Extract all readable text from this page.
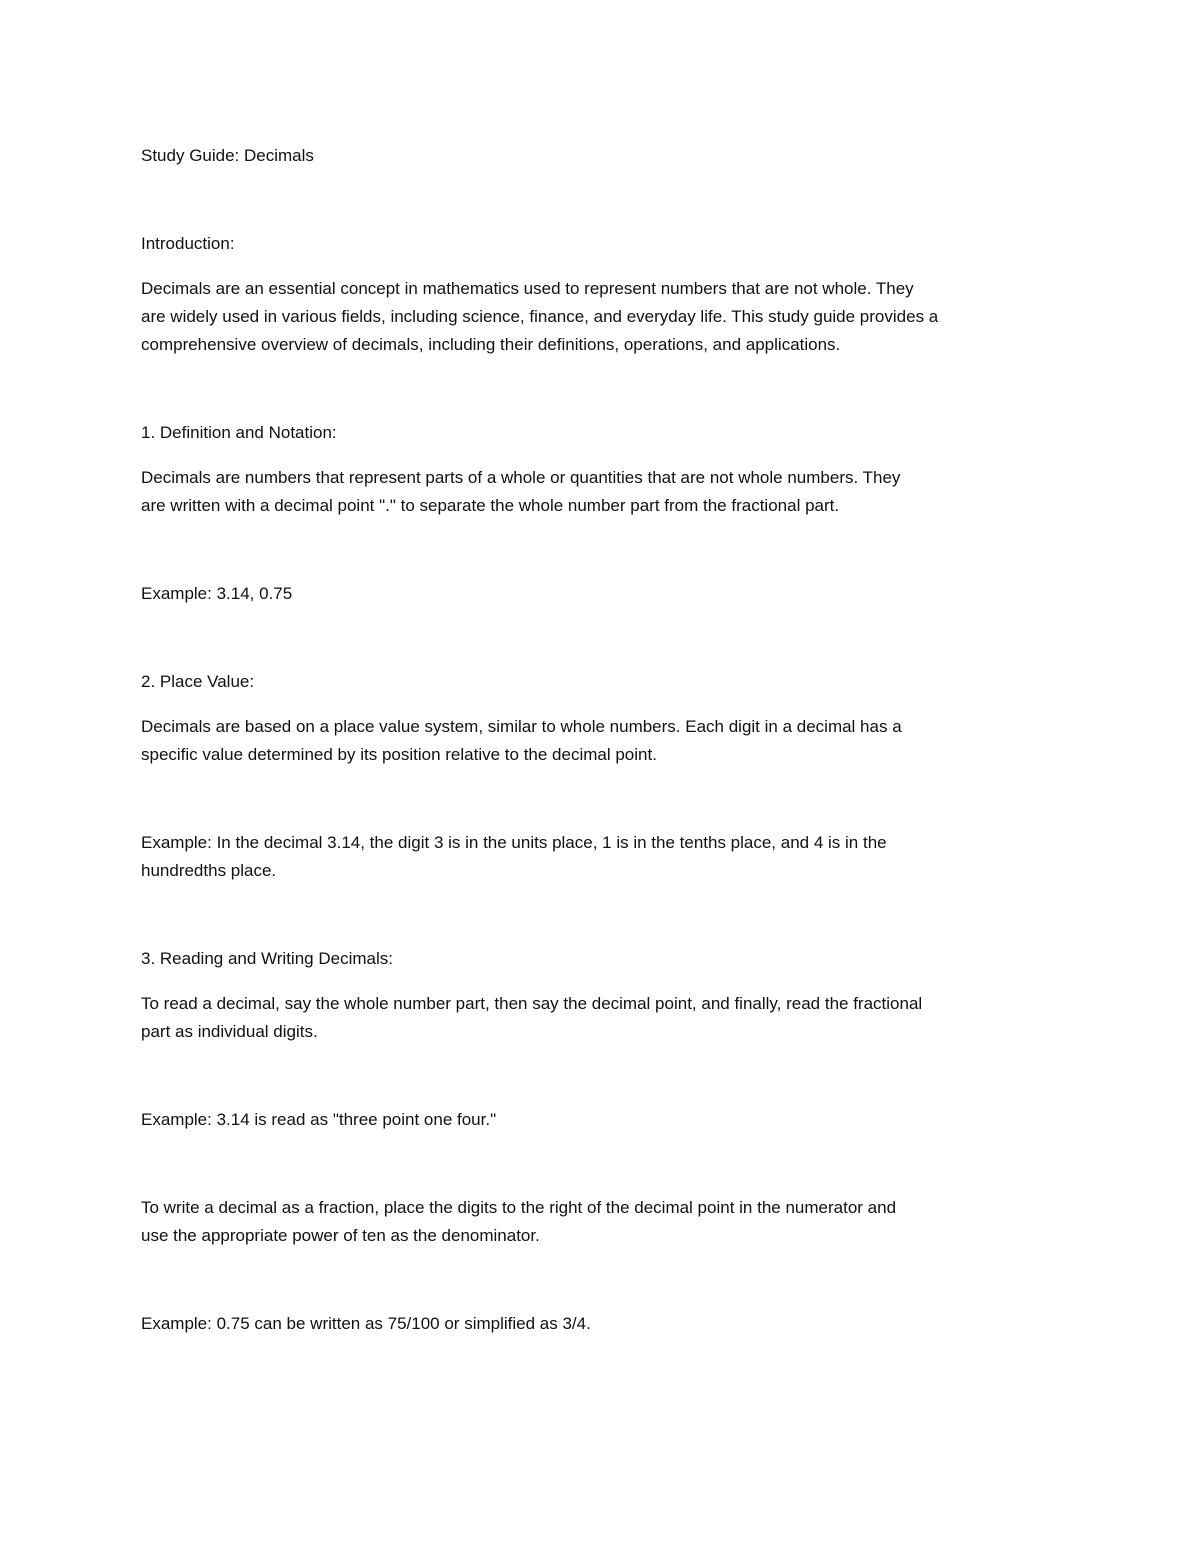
Study Guide: Decimals

Introduction:

Decimals are an essential concept in mathematics used to represent numbers that are not whole. They

are widely used in various fields, including science, finance, and everyday life. This study guide provides a

comprehensive overview of decimals, including their definitions, operations, and applications.

1. Definition and Notation:

Decimals are numbers that represent parts of a whole or quantities that are not whole numbers. They

are written with a decimal point "." to separate the whole number part from the fractional part.

Example: 3.14, 0.75

2. Place Value:

Decimals are based on a place value system, similar to whole numbers. Each digit in a decimal has a

specific value determined by its position relative to the decimal point.

Example: In the decimal 3.14, the digit 3 is in the units place, 1 is in the tenths place, and 4 is in the

hundredths place.

3. Reading and Writing Decimals:

To read a decimal, say the whole number part, then say the decimal point, and finally, read the fractional

part as individual digits.

Example: 3.14 is read as "three point one four."

To write a decimal as a fraction, place the digits to the right of the decimal point in the numerator and

use the appropriate power of ten as the denominator.

Example: 0.75 can be written as 75/100 or simplified as 3/4.
